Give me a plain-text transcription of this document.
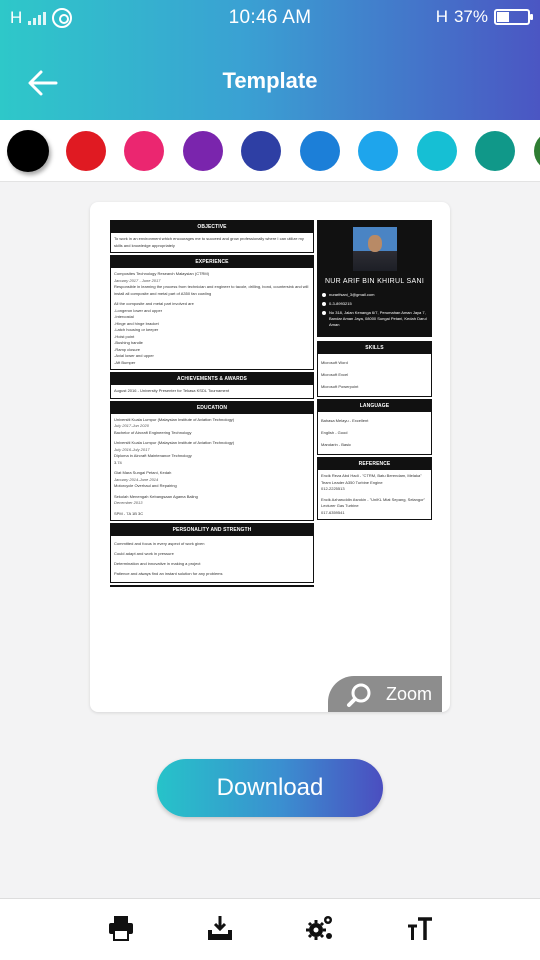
H	10:46 AM	H 37%
Template
OBJECTIVE

To work in an environment which encourages me to succeed and grow professionally where I can utilize my skills and knowledge appropriately

EXPERIENCE

Composites Technology Research Malaysian (CTRM)

January 2017 - June 2017

Responsible in learning the process from technician and engineer to tacole, drilling, bond, countersink and will install all composite and metal part of A350 fan cowling

All the composite and metal part involved are

-Longeron lower and upper

-Intercostal

-Hinge and hinge bracket

-Latch housing or keeper

-Hoist point

-Bushing handle

-Ramp closure

-Axial lower and upper

-Aft Bumper

ACHIEVEMENTS & AWARDS

August 2016 - University Presenter for Tekasa KSDL Tournament

EDUCATION

Universiti Kuala Lumpur (Malaysian Institute of Aviation Technology)

July 2017-Jun 2020

Bachelor of Aircraft Engineering Technology

Universiti Kuala Lumpur (Malaysian Institute of Aviation Technology)

July 2016-July 2017

Diploma in Aircraft Maintenance Technology

3.74

Giat Mara Sungai Petani, Kedah

January 2014-June 2014

Motorcycle Overhaul and Repairing

Sekolah Menengah Kebangsaan Agama Baling

December 2013

SPM - 7A 1B 3C

PERSONALITY AND STRENGTH

Committed and focus in every aspect of work given

Could adapt and work in pressure

Determination and innovative in making a project

Patience and always find an instant solution for any problems

NUR ARIF BIN KHIRUL SANI
nurarifsani_3@gmail.com
0-3-8993215
No 318, Jalan Kenanga 6/7, Perumahan Aman Jaya 7, Bandar Aman Jaya, 08000 Sungai Petani, Kedah Darul Aman
SKILLS

Microsoft Word

Microsoft Excel

Microsoft Powerpoint

LANGUAGE

Bahasa Melayu - Excellent

English - Good

Mandarin - Basic

REFERENCE

Encik Reza Abd Hadi - "CTRM, Batu Berendam, Melaka"

Team Leader A350 Turbine Engine

012-2225513

Encik Azharuddin Asrokin - "UniKL Miat Sepang, Selangor"

Lecturer Gas Turbine

017-6359541

Zoom
Download
